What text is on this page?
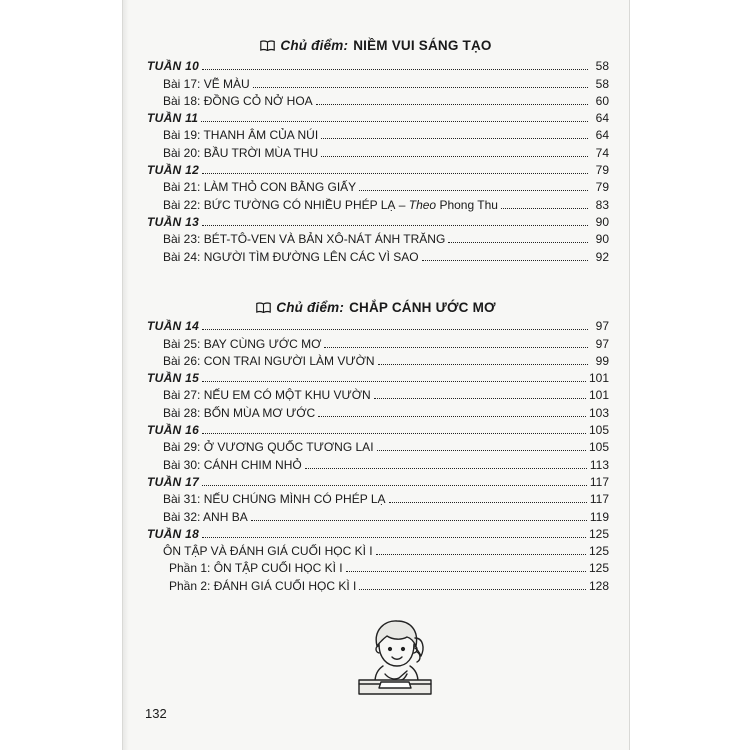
Chủ điểm: NIỀM VUI SÁNG TẠO
TUẦN 10	58
Bài 17: VẼ MÀU	58
Bài 18: ĐỒNG CỎ NỞ HOA	60
TUẦN 11	64
Bài 19: THANH ÂM CỦA NÚI	64
Bài 20: BẦU TRỜI MÙA THU	74
TUẦN 12	79
Bài 21: LÀM THỎ CON BẰNG GIẤY	79
Bài 22: BỨC TƯỜNG CÓ NHIỀU PHÉP LẠ – Theo Phong Thu	83
TUẦN 13	90
Bài 23: BÉT-TÔ-VEN VÀ BẢN XÔ-NÁT ÁNH TRĂNG	90
Bài 24: NGƯỜI TÌM ĐƯỜNG LÊN CÁC VÌ SAO	92
Chủ điểm: CHẮP CÁNH ƯỚC MƠ
TUẦN 14	97
Bài 25: BAY CÙNG ƯỚC MƠ	97
Bài 26: CON TRAI NGƯỜI LÀM VƯỜN	99
TUẦN 15	101
Bài 27: NẾU EM CÓ MỘT KHU VƯỜN	101
Bài 28: BỐN MÙA MƠ ƯỚC	103
TUẦN 16	105
Bài 29: Ở VƯƠNG QUỐC TƯƠNG LAI	105
Bài 30: CÁNH CHIM NHỎ	113
TUẦN 17	117
Bài 31: NẾU CHÚNG MÌNH CÓ PHÉP LẠ	117
Bài 32: ANH BA	119
TUẦN 18	125
ÔN TẬP VÀ ĐÁNH GIÁ CUỐI HỌC KÌ I	125
Phần 1: ÔN TẬP CUỐI HỌC KÌ I	125
Phần 2: ĐÁNH GIÁ CUỐI HỌC KÌ I	128
132
